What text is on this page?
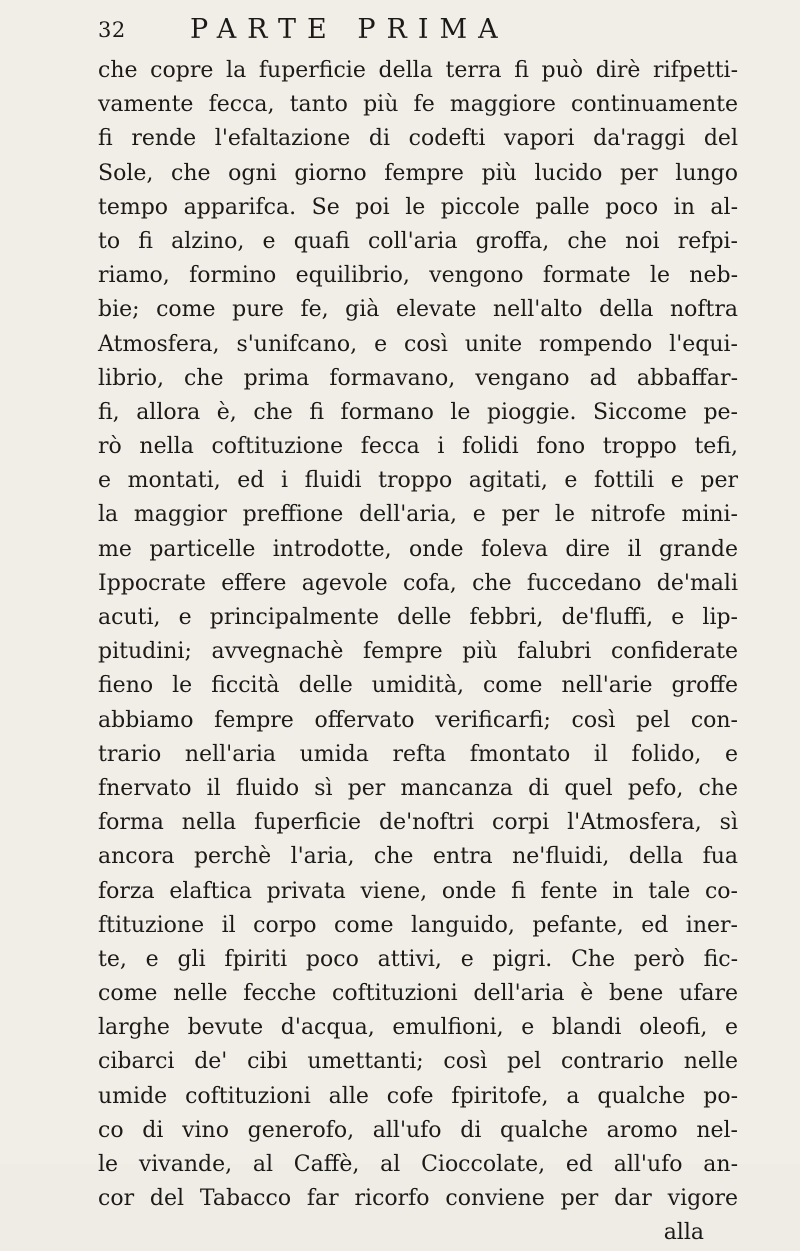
32 PARTE PRIMA
che copre la fuperficie della terra fi può dirè rifpetti-
vamente fecca, tanto più fe maggiore continuamente
fi rende l'efaltazione di codefti vapori da'raggi del
Sole, che ogni giorno fempre più lucido per lungo
tempo apparifca. Se poi le piccole palle poco in al-
to fi alzino, e quafi coll'aria groffa, che noi refpi-
riamo, formino equilibrio, vengono formate le neb-
bie; come pure fe, già elevate nell'alto della noftra
Atmosfera, s'unifcano, e così unite rompendo l'equi-
librio, che prima formavano, vengano ad abbaffar-
fi, allora è, che fi formano le pioggie. Siccome pe-
rò nella coftituzione fecca i folidi fono troppo tefi,
e montati, ed i fluidi troppo agitati, e fottili e per
la maggior preffione dell'aria, e per le nitrofe mini-
me particelle introdotte, onde foleva dire il grande
Ippocrate effere agevole cofa, che fuccedano de'mali
acuti, e principalmente delle febbri, de'fluffi, e lip-
pitudini; avvegnachè fempre più falubri confiderate
fieno le ficcità delle umidità, come nell'arie groffe
abbiamo fempre offervato verificarfi; così pel con-
trario nell'aria umida refta fmontato il folido, e
fnervato il fluido sì per mancanza di quel pefo, che
forma nella fuperficie de'noftri corpi l'Atmosfera, sì
ancora perchè l'aria, che entra ne'fluidi, della fua
forza elaftica privata viene, onde fi fente in tale co-
ftituzione il corpo come languido, pefante, ed iner-
te, e gli fpiriti poco attivi, e pigri. Che però fic-
come nelle fecche coftituzioni dell'aria è bene ufare
larghe bevute d'acqua, emulfioni, e blandi oleofi, e
cibarci de' cibi umettanti; così pel contrario nelle
umide coftituzioni alle cofe fpiritofe, a qualche po-
co di vino generofo, all'ufo di qualche aromo nel-
le vivande, al Caffè, al Cioccolate, ed all'ufo an-
cor del Tabacco far ricorfo conviene per dar vigore
alla
